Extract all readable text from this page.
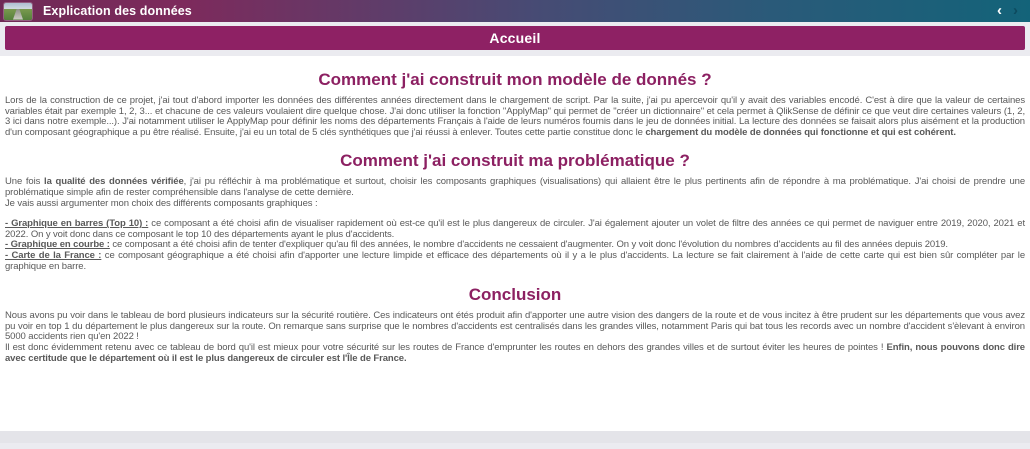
Explication des données	‹ ›
Accueil
Comment j'ai construit mon modèle de donnés ?

Lors de la construction de ce projet, j'ai tout d'abord importer les données des différentes années directement dans le chargement de script. Par la suite, j'ai pu apercevoir qu'il y avait des variables encodé. C'est à dire que la valeur de certaines variables était par exemple 1, 2, 3... et chacune de ces valeurs voulaient dire quelque chose. J'ai donc utiliser la fonction "ApplyMap" qui permet de "créer un dictionnaire" et cela permet à QlikSense de définir ce que veut dire certaines valeurs (1, 2, 3 ici dans notre exemple...). J'ai notamment utiliser le ApplyMap pour définir les noms des départements Français à l'aide de leurs numéros fournis dans le jeu de données initial. La lecture des données se faisait alors plus aisément et la production d'un composant géographique a pu être réalisé. Ensuite, j'ai eu un total de 5 clés synthétiques que j'ai réussi à enlever. Toutes cette partie constitue donc le chargement du modèle de données qui fonctionne et qui est cohérent.

Comment j'ai construit ma problématique ?

Une fois la qualité des données vérifiée, j'ai pu réfléchir à ma problématique et surtout, choisir les composants graphiques (visualisations) qui allaient être le plus pertinents afin de répondre à ma problématique. J'ai choisi de prendre une problématique simple afin de rester compréhensible dans l'analyse de cette dernière.

Je vais aussi argumenter mon choix des différents composants graphiques :

- Graphique en barres (Top 10) : ce composant a été choisi afin de visualiser rapidement où est-ce qu'il est le plus dangereux de circuler. J'ai également ajouter un volet de filtre des années ce qui permet de naviguer entre 2019, 2020, 2021 et 2022. On y voit donc dans ce composant le top 10 des départements ayant le plus d'accidents.

- Graphique en courbe : ce composant a été choisi afin de tenter d'expliquer qu'au fil des années, le nombre d'accidents ne cessaient d'augmenter. On y voit donc l'évolution du nombres d'accidents au fil des années depuis 2019.

- Carte de la France : ce composant géographique a été choisi afin d'apporter une lecture limpide et efficace des départements où il y a le plus d'accidents. La lecture se fait clairement à l'aide de cette carte qui est bien sûr compléter par le graphique en barre.

Conclusion

Nous avons pu voir dans le tableau de bord plusieurs indicateurs sur la sécurité routière. Ces indicateurs ont étés produit afin d'apporter une autre vision des dangers de la route et de vous incitez à être prudent sur les départements que vous avez pu voir en top 1 du département le plus dangereux sur la route. On remarque sans surprise que le nombres d'accidents est centralisés dans les grandes villes, notamment Paris qui bat tous les records avec un nombre d'accident s'èlevant à environ 5000 accidents rien qu'en 2022 !

Il est donc évidemment retenu avec ce tableau de bord qu'il est mieux pour votre sécurité sur les routes de France d'emprunter les routes en dehors des grandes villes et de surtout éviter les heures de pointes ! Enfin, nous pouvons donc dire avec certitude que le département où il est le plus dangereux de circuler est l'Île de France.
